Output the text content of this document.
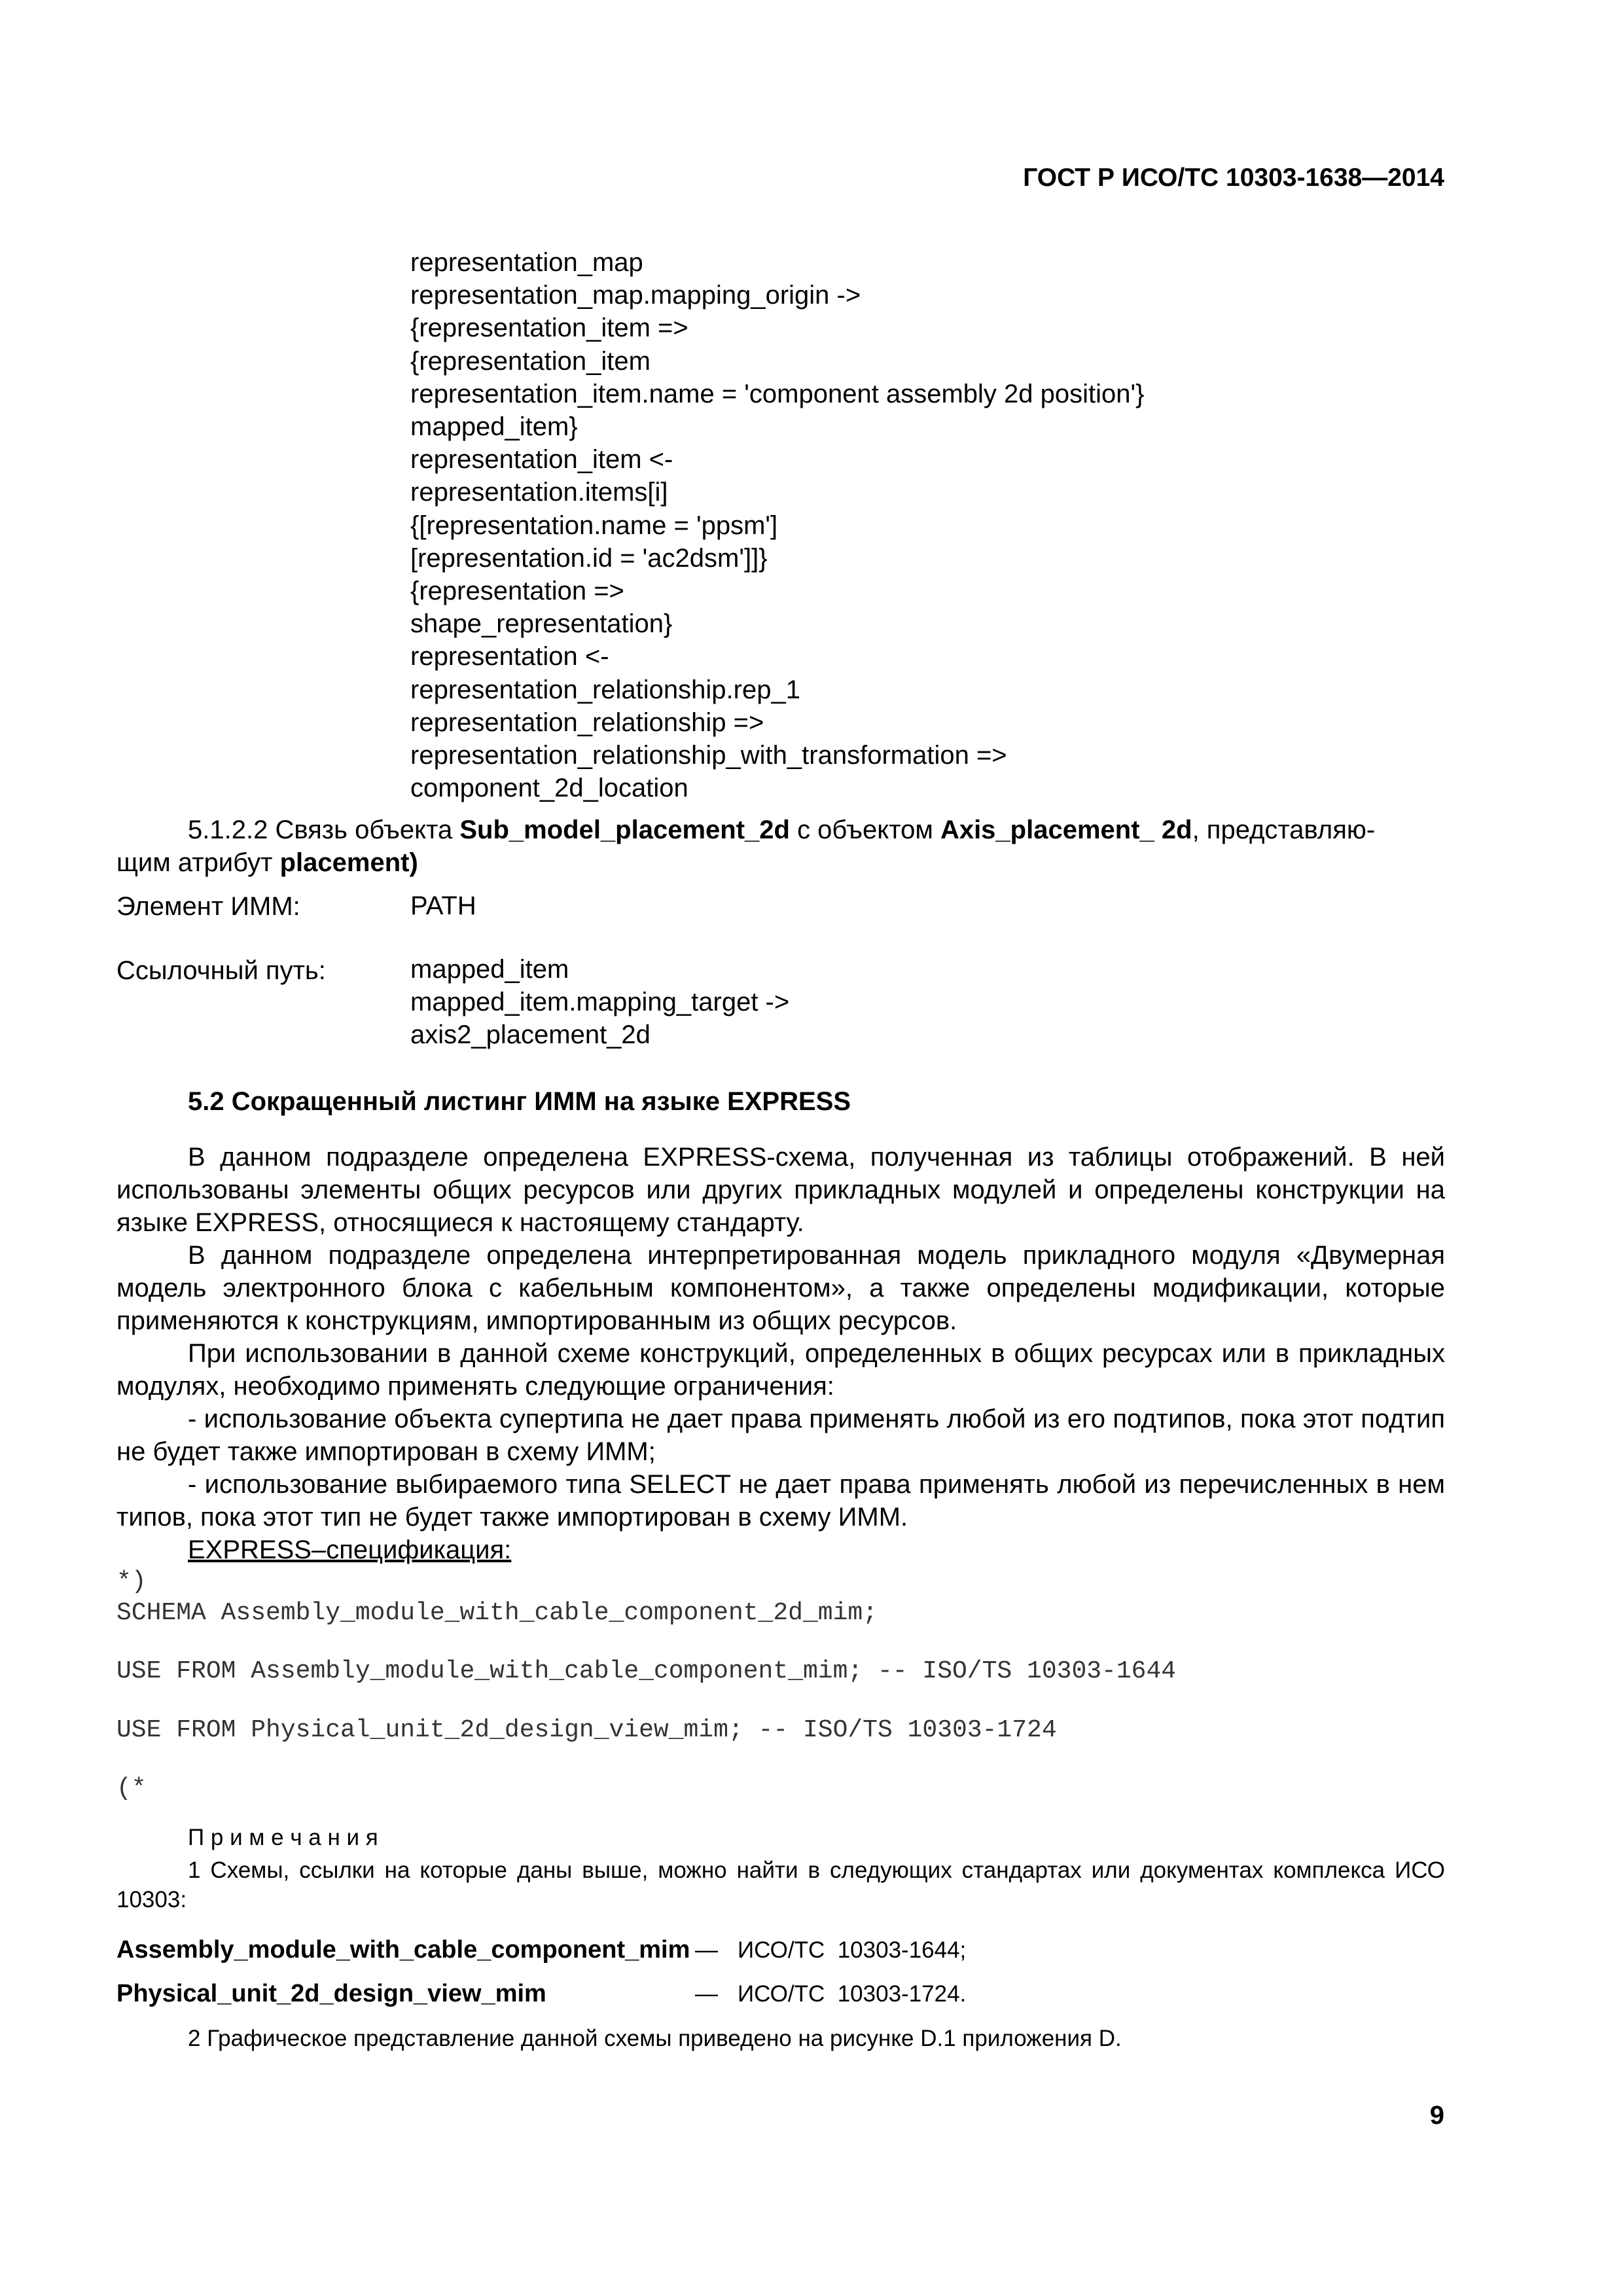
ГОСТ Р ИСО/ТС 10303-1638—2014
representation_map
representation_map.mapping_origin ->
{representation_item =>
{representation_item
representation_item.name = 'component assembly 2d position'}
mapped_item}
representation_item <-
representation.items[i]
{[representation.name = 'ppsm']
[representation.id = 'ac2dsm']]}
{representation =>
shape_representation}
representation <-
representation_relationship.rep_1
representation_relationship =>
representation_relationship_with_transformation =>
component_2d_location
5.1.2.2 Связь объекта Sub_model_placement_2d с объектом Axis_placement_ 2d, представляю-
щим атрибут placement)
Элемент ИММ:	PATH
Ссылочный путь:	mapped_item
mapped_item.mapping_target ->
axis2_placement_2d
5.2 Сокращенный листинг ИММ на языке EXPRESS
В данном подразделе определена EXPRESS-схема, полученная из таблицы отображений. В ней использованы элементы общих ресурсов или других прикладных модулей и определены конструкции на языке EXPRESS, относящиеся к настоящему стандарту.
В данном подразделе определена интерпретированная модель прикладного модуля «Двумерная модель электронного блока с кабельным компонентом», а также определены модификации, которые применяются к конструкциям, импортированным из общих ресурсов.
При использовании в данной схеме конструкций, определенных в общих ресурсах или в прикладных модулях, необходимо применять следующие ограничения:
- использование объекта супертипа не дает права применять любой из его подтипов, пока этот подтип не будет также импортирован в схему ИММ;
- использование выбираемого типа SELECT не дает права применять любой из перечисленных в нем типов, пока этот тип не будет также импортирован в схему ИММ.
EXPRESS–спецификация:
*)
SCHEMA Assembly_module_with_cable_component_2d_mim;
USE FROM Assembly_module_with_cable_component_mim; -- ISO/TS 10303-1644
USE FROM Physical_unit_2d_design_view_mim; -- ISO/TS 10303-1724
(*
П р и м е ч а н и я
1 Схемы, ссылки на которые даны выше, можно найти в следующих стандартах или документах комплекса ИСО 10303:
Assembly_module_with_cable_component_mim — ИСО/ТС  10303-1644;
Physical_unit_2d_design_view_mim	— ИСО/ТС  10303-1724.
2 Графическое представление данной схемы приведено на рисунке D.1 приложения D.
9
